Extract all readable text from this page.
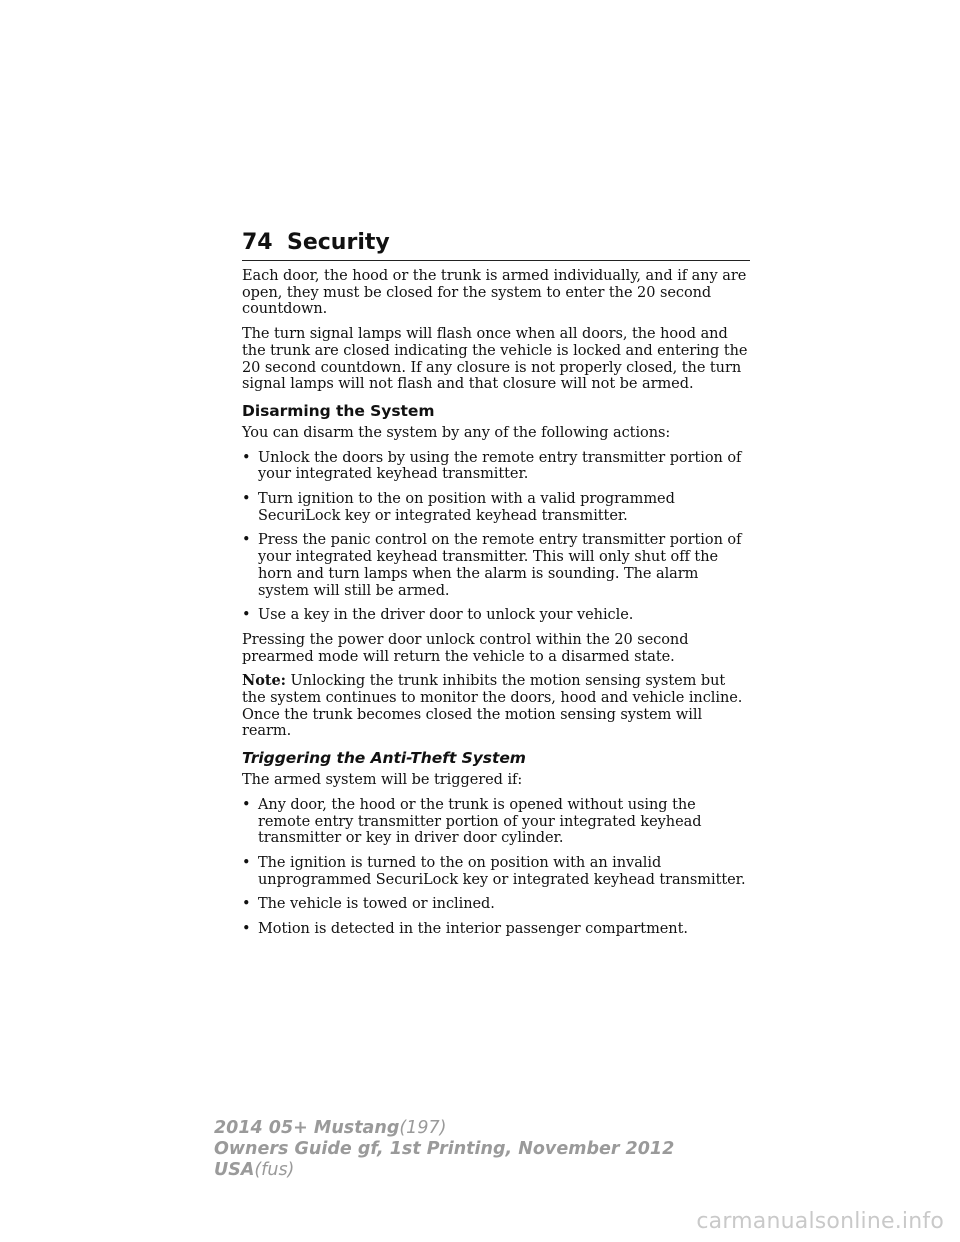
74 Security

Each door, the hood or the trunk is armed individually, and if any are open, they must be closed for the system to enter the 20 second countdown.

The turn signal lamps will flash once when all doors, the hood and the trunk are closed indicating the vehicle is locked and entering the 20 second countdown. If any closure is not properly closed, the turn signal lamps will not flash and that closure will not be armed.

Disarming the System

You can disarm the system by any of the following actions:

• Unlock the doors by using the remote entry transmitter portion of your integrated keyhead transmitter.
• Turn ignition to the on position with a valid programmed SecuriLock key or integrated keyhead transmitter.
• Press the panic control on the remote entry transmitter portion of your integrated keyhead transmitter. This will only shut off the horn and turn lamps when the alarm is sounding. The alarm system will still be armed.
• Use a key in the driver door to unlock your vehicle.

Pressing the power door unlock control within the 20 second prearmed mode will return the vehicle to a disarmed state.

Note: Unlocking the trunk inhibits the motion sensing system but the system continues to monitor the doors, hood and vehicle incline. Once the trunk becomes closed the motion sensing system will rearm.

Triggering the Anti-Theft System

The armed system will be triggered if:

• Any door, the hood or the trunk is opened without using the remote entry transmitter portion of your integrated keyhead transmitter or key in driver door cylinder.
• The ignition is turned to the on position with an invalid unprogrammed SecuriLock key or integrated keyhead transmitter.
• The vehicle is towed or inclined.
• Motion is detected in the interior passenger compartment.
2014 05+ Mustang(197)
Owners Guide gf, 1st Printing, November 2012
USA(fus)
carmanualsonline.info
